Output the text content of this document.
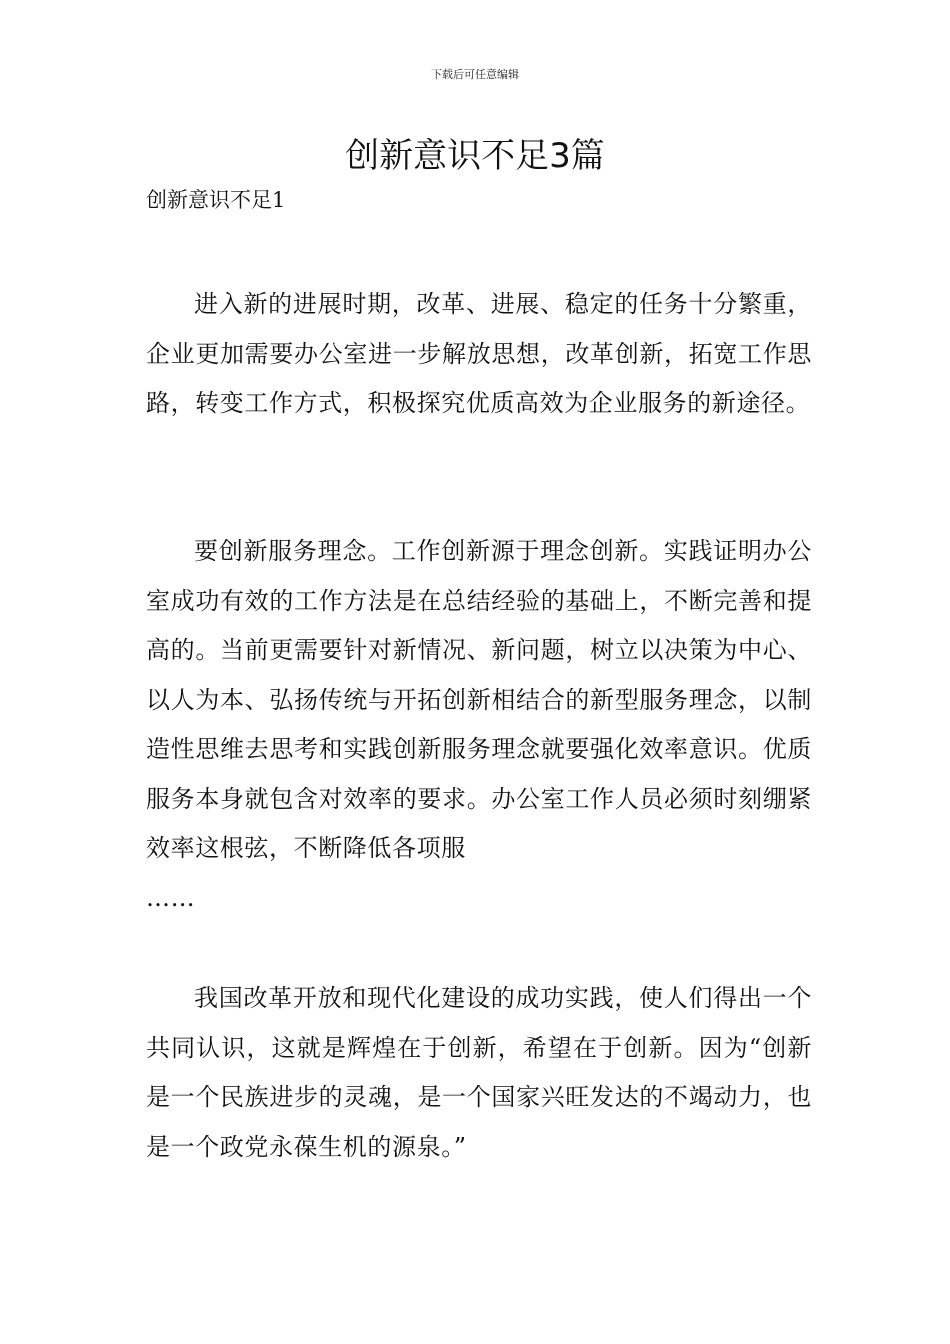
下载后可任意编辑
创新意识不足3篇
创新意识不足1

进入新的进展时期，改革、进展、稳定的任务十分繁重，企业更加需要办公室进一步解放思想，改革创新，拓宽工作思路，转变工作方式，积极探究优质高效为企业服务的新途径。

要创新服务理念。工作创新源于理念创新。实践证明办公室成功有效的工作方法是在总结经验的基础上，不断完善和提高的。当前更需要针对新情况、新问题，树立以决策为中心、以人为本、弘扬传统与开拓创新相结合的新型服务理念，以制造性思维去思考和实践创新服务理念就要强化效率意识。优质服务本身就包含对效率的要求。办公室工作人员必须时刻绷紧效率这根弦，不断降低各项服
……

我国改革开放和现代化建设的成功实践，使人们得出一个共同认识，这就是辉煌在于创新，希望在于创新。因为“创新是一个民族进步的灵魂，是一个国家兴旺发达的不竭动力，也是一个政党永葆生机的源泉。”
